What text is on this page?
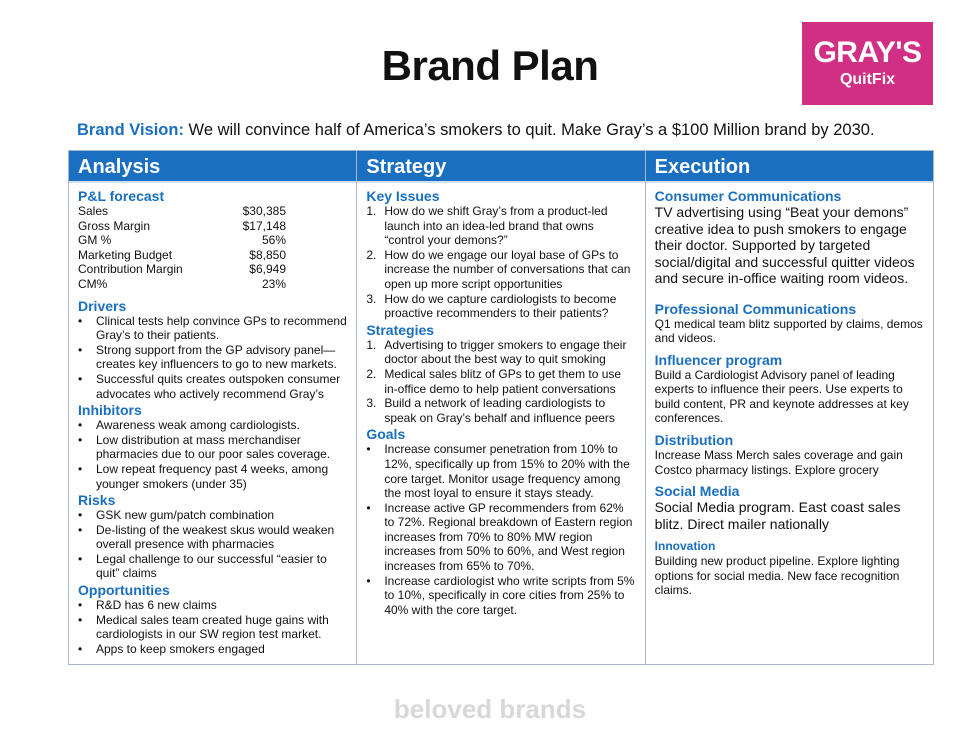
Brand Plan	GRAY'S
QuitFix
Brand Vision: We will convince half of America’s smokers to quit. Make Gray’s a $100 Million brand by 2030.
Analysis
P&L forecast
Sales	$30,385
Gross Margin	$17,148
GM %	56%
Marketing Budget	$8,850
Contribution Margin	$6,949
CM%	23%
Drivers
• Clinical tests help convince GPs to recommend Gray’s to their patients.
• Strong support from the GP advisory panel—creates key influencers to go to new markets.
• Successful quits creates outspoken consumer advocates who actively recommend Gray’s
Inhibitors
• Awareness weak among cardiologists.
• Low distribution at mass merchandiser pharmacies due to our poor sales coverage.
• Low repeat frequency past 4 weeks, among younger smokers (under 35)
Risks
• GSK new gum/patch combination
• De-listing of the weakest skus would weaken overall presence with pharmacies
• Legal challenge to our successful “easier to quit” claims
Opportunities
• R&D has 6 new claims
• Medical sales team created huge gains with cardiologists in our SW region test market.
• Apps to keep smokers engaged
Strategy
Key Issues
1. How do we shift Gray’s from a product-led launch into an idea-led brand that owns “control your demons?”
2. How do we engage our loyal base of GPs to increase the number of conversations that can open up more script opportunities
3. How do we capture cardiologists to become proactive recommenders to their patients?
Strategies
1. Advertising to trigger smokers to engage their doctor about the best way to quit smoking
2. Medical sales blitz of GPs to get them to use in-office demo to help patient conversations
3. Build a network of leading cardiologists to speak on Gray’s behalf and influence peers
Goals
• Increase consumer penetration from 10% to 12%, specifically up from 15% to 20% with the core target. Monitor usage frequency among the most loyal to ensure it stays steady.
• Increase active GP recommenders from 62% to 72%. Regional breakdown of Eastern region increases from 70% to 80% MW region increases from 50% to 60%, and West region increases from 65% to 70%.
• Increase cardiologist who write scripts from 5% to 10%, specifically in core cities from 25% to 40% with the core target.
Execution
Consumer Communications
TV advertising using “Beat your demons” creative idea to push smokers to engage their doctor. Supported by targeted social/digital and successful quitter videos and secure in-office waiting room videos.
Professional Communications
Q1 medical team blitz supported by claims, demos and videos.
Influencer program
Build a Cardiologist Advisory panel of leading experts to influence their peers. Use experts to build content, PR and keynote addresses at key conferences.
Distribution
Increase Mass Merch sales coverage and gain Costco pharmacy listings. Explore grocery
Social Media
Social Media program. East coast sales blitz. Direct mailer nationally
Innovation
Building new product pipeline. Explore lighting options for social media. New face recognition claims.
beloved brands
